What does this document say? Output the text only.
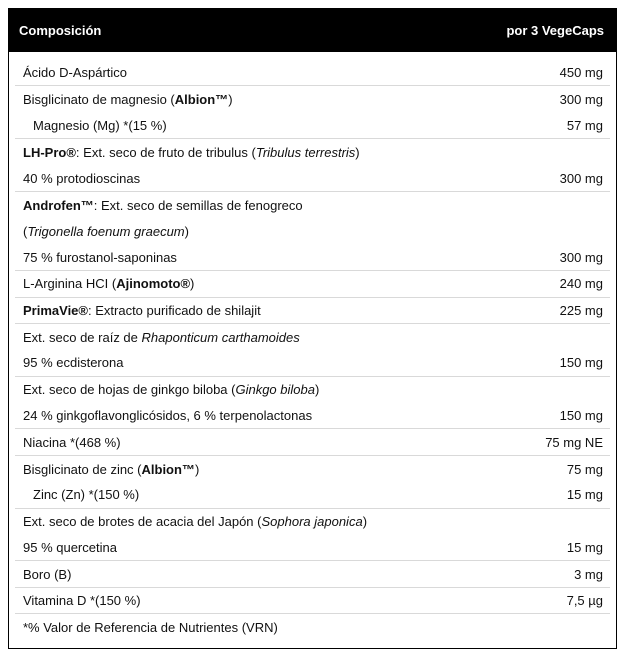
Composición	por 3 VegeCaps
Ácido D-Aspártico	450 mg
Bisglicinato de magnesio (Albion™)	300 mg
Magnesio (Mg) *(15 %)	57 mg
LH-Pro®: Ext. seco de fruto de tribulus (Tribulus terrestris)
40 % protodioscinas	300 mg
Androfen™: Ext. seco de semillas de fenogreco
(Trigonella foenum graecum)
75 % furostanol-saponinas	300 mg
L-Arginina HCI (Ajinomoto®)	240 mg
PrimaVie®: Extracto purificado de shilajit	225 mg
Ext. seco de raíz de Rhaponticum carthamoides
95 % ecdisterona	150 mg
Ext. seco de hojas de ginkgo biloba (Ginkgo biloba)
24 % ginkgoflavonglicósidos, 6 % terpenolactonas	150 mg
Niacina *(468 %)	75 mg NE
Bisglicinato de zinc (Albion™)	75 mg
Zinc (Zn) *(150 %)	15 mg
Ext. seco de brotes de acacia del Japón (Sophora japonica)
95 % quercetina	15 mg
Boro (B)	3 mg
Vitamina D *(150 %)	7,5 µg
*% Valor de Referencia de Nutrientes (VRN)
